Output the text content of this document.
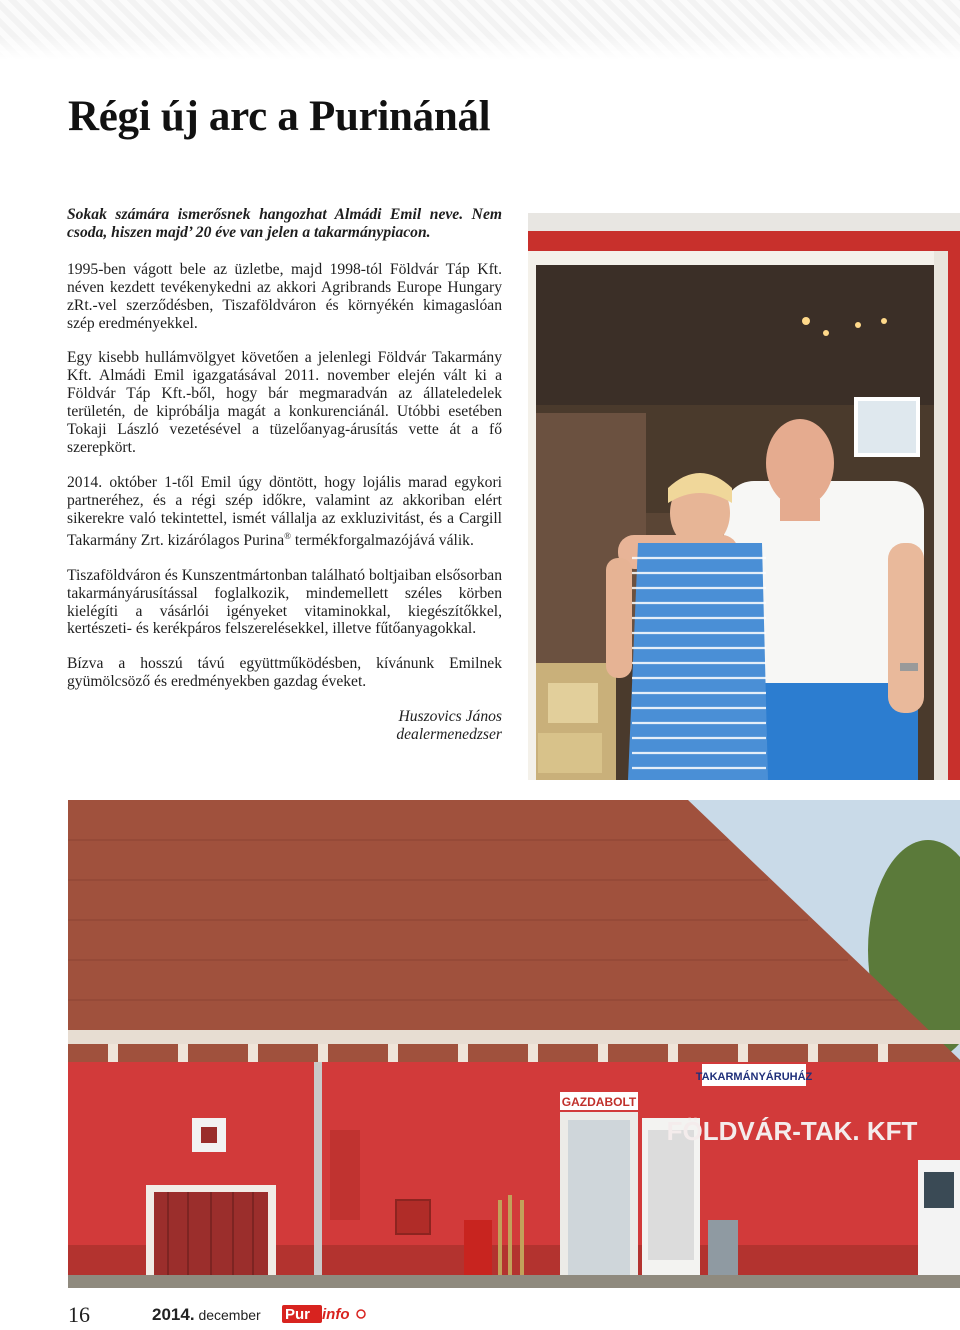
Régi új arc a Purinánál

Sokak számára ismerősnek hangozhat Almádi Emil neve. Nem csoda, hiszen majd’ 20 éve van jelen a takarmánypiacon.

1995-ben vágott bele az üzletbe, majd 1998-tól Földvár Táp Kft. néven kezdett tevékenykedni az akkori Agribrands Europe Hungary zRt.-vel szerződésben, Tiszaföldváron és környékén kimagaslóan szép eredményekkel.

Egy kisebb hullámvölgyet követően a jelenlegi Földvár Takarmány Kft. Almádi Emil igazgatásával 2011. november elején vált ki a Földvár Táp Kft.-ből, hogy bár megmaradván az állateledelek területén, de kipróbálja magát a konkurenciánál. Utóbbi esetében Tokaji László vezetésével a tüzelőanyag-árusítás vette át a fő szerepkört.

2014. október 1-től Emil úgy döntött, hogy lojális marad egykori partneréhez, és a régi szép időkre, valamint az akkoriban elért sikerekre való tekintettel, ismét vállalja az exkluzivitást, és a Cargill Takarmány Zrt. kizárólagos Purina® termékforgalmazójává válik.

Tiszaföldváron és Kunszentmártonban található boltjaiban elsősorban takarmányárusítással foglalkozik, mindemellett széles körben kielégíti a vásárlói igényeket vitaminokkal, kiegészítőkkel, kertészeti- és kerékpáros felszerelésekkel, illetve fűtőanyagokkal.

Bízva a hosszú távú együttműködésben, kívánunk Emilnek gyümölcsöző és eredményekben gazdag éveket.

Huszovics János
dealermenedzser
GAZDABOLT
TAKARMÁNYÁRUHÁZ
FÖLDVÁR-TAK. KFT
16	2014. december Pur info
